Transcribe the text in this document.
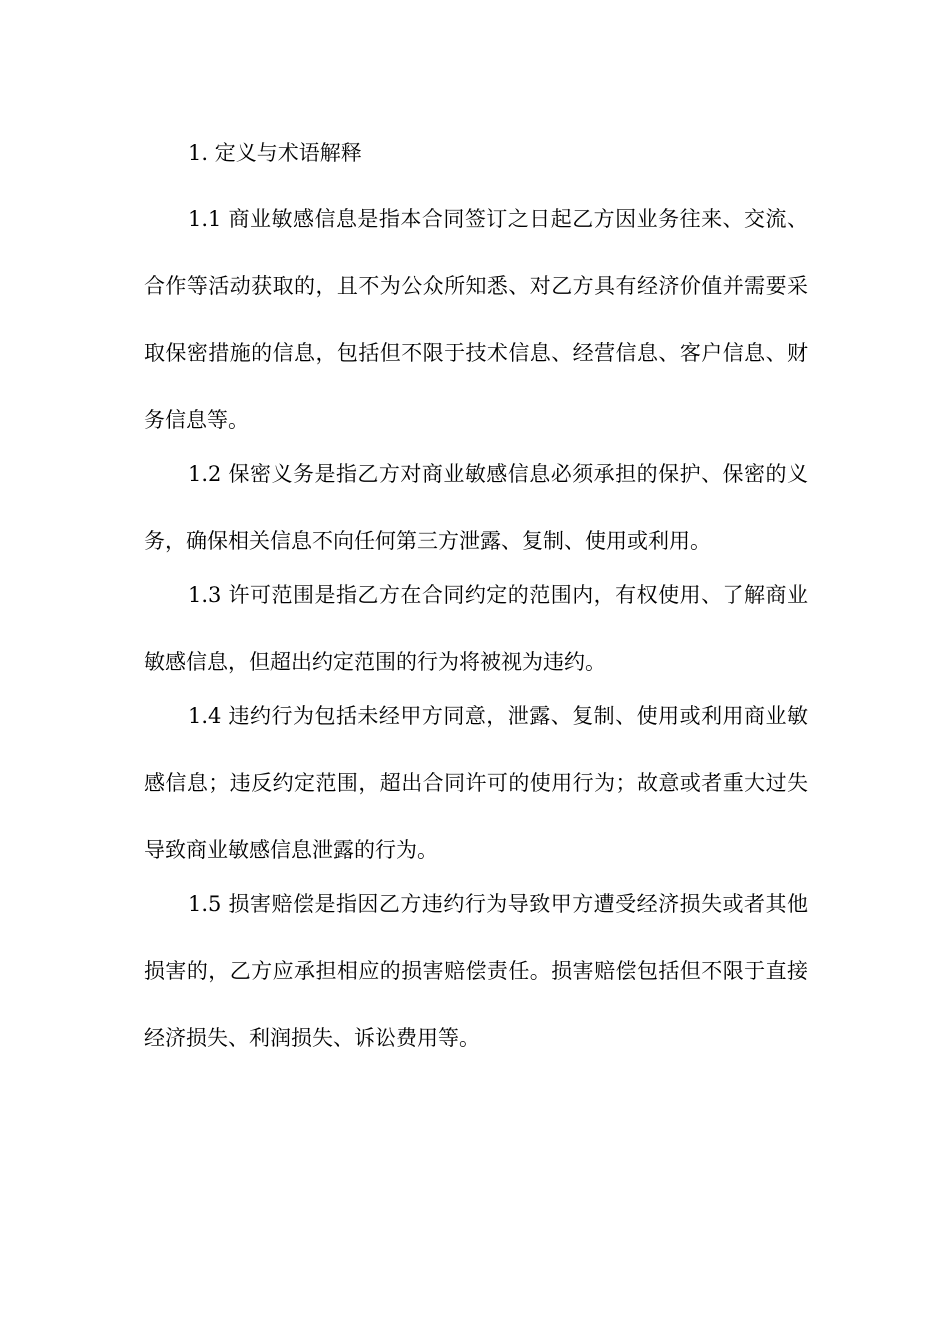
1. 定义与术语解释

1.1 商业敏感信息是指本合同签订之日起乙方因业务往来、交流、合作等活动获取的，且不为公众所知悉、对乙方具有经济价值并需要采取保密措施的信息，包括但不限于技术信息、经营信息、客户信息、财务信息等。

1.2 保密义务是指乙方对商业敏感信息必须承担的保护、保密的义务，确保相关信息不向任何第三方泄露、复制、使用或利用。

1.3 许可范围是指乙方在合同约定的范围内，有权使用、了解商业敏感信息，但超出约定范围的行为将被视为违约。

1.4 违约行为包括未经甲方同意，泄露、复制、使用或利用商业敏感信息；违反约定范围，超出合同许可的使用行为；故意或者重大过失导致商业敏感信息泄露的行为。

1.5 损害赔偿是指因乙方违约行为导致甲方遭受经济损失或者其他损害的，乙方应承担相应的损害赔偿责任。损害赔偿包括但不限于直接经济损失、利润损失、诉讼费用等。
